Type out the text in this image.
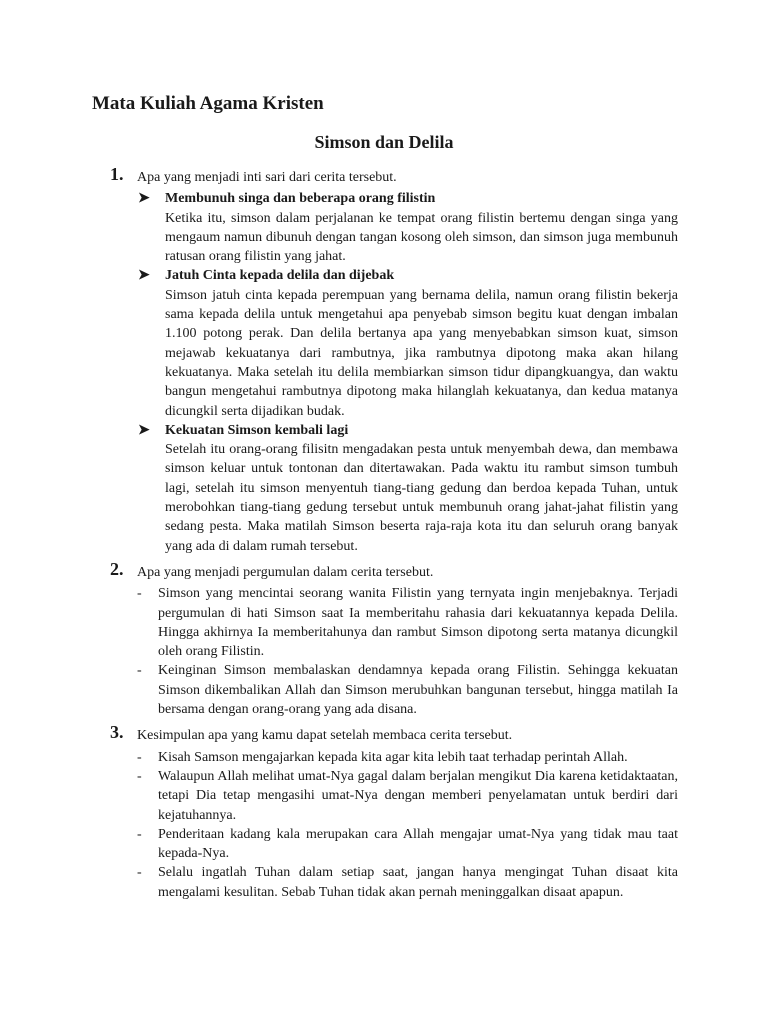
Mata Kuliah Agama Kristen
Simson dan Delila
1. Apa yang menjadi inti sari dari cerita tersebut.
➤ Membunuh singa dan beberapa orang filistin
Ketika itu, simson dalam perjalanan ke tempat orang filistin bertemu dengan singa yang mengaum namun dibunuh dengan tangan kosong oleh simson, dan simson juga membunuh ratusan orang filistin yang jahat.
➤ Jatuh Cinta kepada delila dan dijebak
Simson jatuh cinta kepada perempuan yang bernama delila, namun orang filistin bekerja sama kepada delila untuk mengetahui apa penyebab simson begitu kuat dengan imbalan 1.100 potong perak. Dan delila bertanya apa yang menyebabkan simson kuat, simson mejawab kekuatanya dari rambutnya, jika rambutnya dipotong maka akan hilang kekuatanya. Maka setelah itu delila membiarkan simson tidur dipangkuangya, dan waktu bangun mengetahui rambutnya dipotong maka hilanglah kekuatanya, dan kedua matanya dicungkil serta dijadikan budak.
➤ Kekuatan Simson kembali lagi
Setelah itu orang-orang filisitn mengadakan pesta untuk menyembah dewa, dan membawa simson keluar untuk tontonan dan ditertawakan. Pada waktu itu rambut simson tumbuh lagi, setelah itu simson menyentuh tiang-tiang gedung dan berdoa kepada Tuhan, untuk merobohkan tiang-tiang gedung tersebut untuk membunuh orang jahat-jahat filistin yang sedang pesta. Maka matilah Simson beserta raja-raja kota itu dan seluruh orang banyak yang ada di dalam rumah tersebut.
2. Apa yang menjadi pergumulan dalam cerita tersebut.
- Simson yang mencintai seorang wanita Filistin yang ternyata ingin menjebaknya. Terjadi pergumulan di hati Simson saat Ia memberitahu rahasia dari kekuatannya kepada Delila. Hingga akhirnya Ia memberitahunya dan rambut Simson dipotong serta matanya dicungkil oleh orang Filistin.
- Keinginan Simson membalaskan dendamnya kepada orang Filistin. Sehingga kekuatan Simson dikembalikan Allah dan Simson merubuhkan bangunan tersebut, hingga matilah Ia bersama dengan orang-orang yang ada disana.
3. Kesimpulan apa yang kamu dapat setelah membaca cerita tersebut.
- Kisah Samson mengajarkan kepada kita agar kita lebih taat terhadap perintah Allah.
- Walaupun Allah melihat umat-Nya gagal dalam berjalan mengikut Dia karena ketidaktaatan, tetapi Dia tetap mengasihi umat-Nya dengan memberi penyelamatan untuk berdiri dari kejatuhannya.
- Penderitaan kadang kala merupakan cara Allah mengajar umat-Nya yang tidak mau taat kepada-Nya.
- Selalu ingatlah Tuhan dalam setiap saat, jangan hanya mengingat Tuhan disaat kita mengalami kesulitan. Sebab Tuhan tidak akan pernah meninggalkan disaat apapun.
